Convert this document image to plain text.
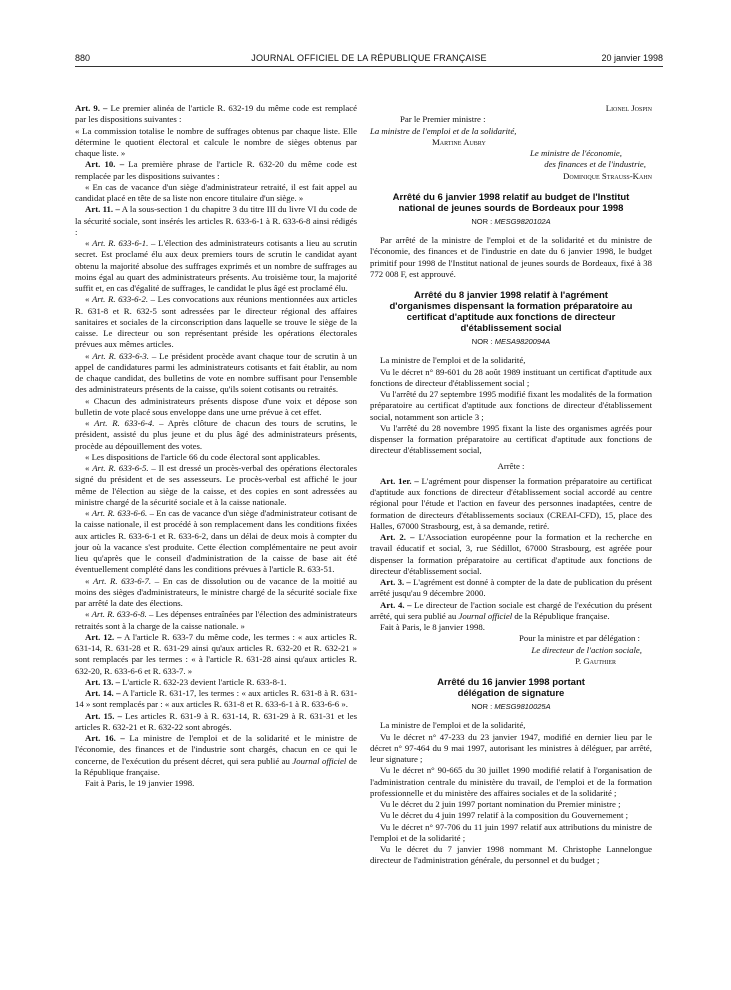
880	JOURNAL OFFICIEL DE LA RÉPUBLIQUE FRANÇAISE	20 janvier 1998

Art. 9. – Le premier alinéa de l'article R. 632-19 du même code est remplacé par les dispositions suivantes :

« La commission totalise le nombre de suffrages obtenus par chaque liste. Elle détermine le quotient électoral et calcule le nombre de sièges obtenus par chaque liste. »

Art. 10. – La première phrase de l'article R. 632-20 du même code est remplacée par les dispositions suivantes :

« En cas de vacance d'un siège d'administrateur retraité, il est fait appel au candidat placé en tête de sa liste non encore titulaire d'un siège. »

Art. 11. – A la sous-section 1 du chapitre 3 du titre III du livre VI du code de la sécurité sociale, sont insérés les articles R. 633-6-1 à R. 633-6-8 ainsi rédigés :

« Art. R. 633-6-1. – L'élection des administrateurs cotisants a lieu au scrutin secret. Est proclamé élu aux deux premiers tours de scrutin le candidat ayant obtenu la majorité absolue des suffrages exprimés et un nombre de suffrages au moins égal au quart des administrateurs présents. Au troisième tour, la majorité suffit et, en cas d'égalité de suffrages, le candidat le plus âgé est proclamé élu.

« Art. R. 633-6-2. – Les convocations aux réunions mentionnées aux articles R. 631-8 et R. 632-5 sont adressées par le directeur régional des affaires sanitaires et sociales de la circonscription dans laquelle se trouve le siège de la caisse. Le directeur ou son représentant préside les opérations électorales prévues aux mêmes articles.

« Art. R. 633-6-3. – Le président procède avant chaque tour de scrutin à un appel de candidatures parmi les administrateurs cotisants et fait établir, au nom de chaque candidat, des bulletins de vote en nombre suffisant pour l'ensemble des administrateurs présents de la caisse, qu'ils soient cotisants ou retraités.

« Chacun des administrateurs présents dispose d'une voix et dépose son bulletin de vote placé sous enveloppe dans une urne prévue à cet effet.

« Art. R. 633-6-4. – Après clôture de chacun des tours de scrutins, le président, assisté du plus jeune et du plus âgé des administrateurs présents, procède au dépouillement des votes.

« Les dispositions de l'article 66 du code électoral sont applicables.

« Art. R. 633-6-5. – Il est dressé un procès-verbal des opérations électorales signé du président et de ses assesseurs. Le procès-verbal est affiché le jour même de l'élection au siège de la caisse, et des copies en sont adressées au ministre chargé de la sécurité sociale et à la caisse nationale.

« Art. R. 633-6-6. – En cas de vacance d'un siège d'administrateur cotisant de la caisse nationale, il est procédé à son remplacement dans les conditions fixées aux articles R. 633-6-1 et R. 633-6-2, dans un délai de deux mois à compter du jour où la vacance s'est produite. Cette élection complémentaire ne peut avoir lieu qu'après que le conseil d'administration de la caisse de base ait été éventuellement complété dans les conditions prévues à l'article R. 633-51.

« Art. R. 633-6-7. – En cas de dissolution ou de vacance de la moitié au moins des sièges d'administrateurs, le ministre chargé de la sécurité sociale fixe par arrêté la date des élections.

« Art. R. 633-6-8. – Les dépenses entraînées par l'élection des administrateurs retraités sont à la charge de la caisse nationale. »

Art. 12. – A l'article R. 633-7 du même code, les termes : « aux articles R. 631-14, R. 631-28 et R. 631-29 ainsi qu'aux articles R. 632-20 et R. 632-21 » sont remplacés par les termes : « à l'article R. 631-28 ainsi qu'aux articles R. 632-20, R. 633-6-6 et R. 633-7. »

Art. 13. – L'article R. 632-23 devient l'article R. 633-8-1.

Art. 14. – A l'article R. 631-17, les termes : « aux articles R. 631-8 à R. 631-14 » sont remplacés par : « aux articles R. 631-8 et R. 633-6-1 à R. 633-6-6 ».

Art. 15. – Les articles R. 631-9 à R. 631-14, R. 631-29 à R. 631-31 et les articles R. 632-21 et R. 632-22 sont abrogés.

Art. 16. – La ministre de l'emploi et de la solidarité et le ministre de l'économie, des finances et de l'industrie sont chargés, chacun en ce qui le concerne, de l'exécution du présent décret, qui sera publié au Journal officiel de la République française.

Fait à Paris, le 19 janvier 1998.

Lionel Jospin

Par le Premier ministre :

La ministre de l'emploi et de la solidarité,

Martine Aubry

Le ministre de l'économie,

des finances et de l'industrie,

Dominique Strauss-Kahn

Arrêté du 6 janvier 1998 relatif au budget de l'Institut national de jeunes sourds de Bordeaux pour 1998

NOR : MESG9820102A

Par arrêté de la ministre de l'emploi et de la solidarité et du ministre de l'économie, des finances et de l'industrie en date du 6 janvier 1998, le budget primitif pour 1998 de l'Institut national de jeunes sourds de Bordeaux, fixé à 38 772 008 F, est approuvé.

Arrêté du 8 janvier 1998 relatif à l'agrément d'organismes dispensant la formation préparatoire au certificat d'aptitude aux fonctions de directeur d'établissement social

NOR : MESA9820094A

La ministre de l'emploi et de la solidarité,

Vu le décret n° 89-601 du 28 août 1989 instituant un certificat d'aptitude aux fonctions de directeur d'établissement social ;

Vu l'arrêté du 27 septembre 1995 modifié fixant les modalités de la formation préparatoire au certificat d'aptitude aux fonctions de directeur d'établissement social, notamment son article 3 ;

Vu l'arrêté du 28 novembre 1995 fixant la liste des organismes agréés pour dispenser la formation préparatoire au certificat d'aptitude aux fonctions de directeur d'établissement social,

Arrête :

Art. 1er. – L'agrément pour dispenser la formation préparatoire au certificat d'aptitude aux fonctions de directeur d'établissement social accordé au centre régional pour l'étude et l'action en faveur des personnes inadaptées, centre de formation de directeurs d'établissements sociaux (CREAI-CFD), 15, place des Halles, 67000 Strasbourg, est, à sa demande, retiré.

Art. 2. – L'Association européenne pour la formation et la recherche en travail éducatif et social, 3, rue Sédillot, 67000 Strasbourg, est agréée pour dispenser la formation préparatoire au certificat d'aptitude aux fonctions de directeur d'établissement social.

Art. 3. – L'agrément est donné à compter de la date de publication du présent arrêté jusqu'au 9 décembre 2000.

Art. 4. – Le directeur de l'action sociale est chargé de l'exécution du présent arrêté, qui sera publié au Journal officiel de la République française.

Fait à Paris, le 8 janvier 1998.

Pour la ministre et par délégation :

Le directeur de l'action sociale,

P. Gauthier

Arrêté du 16 janvier 1998 portant délégation de signature

NOR : MESG9810025A

La ministre de l'emploi et de la solidarité,

Vu le décret n° 47-233 du 23 janvier 1947, modifié en dernier lieu par le décret n° 97-464 du 9 mai 1997, autorisant les ministres à déléguer, par arrêté, leur signature ;

Vu le décret n° 90-665 du 30 juillet 1990 modifié relatif à l'organisation de l'administration centrale du ministère du travail, de l'emploi et de la formation professionnelle et du ministère des affaires sociales et de la solidarité ;

Vu le décret du 2 juin 1997 portant nomination du Premier ministre ;

Vu le décret du 4 juin 1997 relatif à la composition du Gouvernement ;

Vu le décret n° 97-706 du 11 juin 1997 relatif aux attributions du ministre de l'emploi et de la solidarité ;

Vu le décret du 7 janvier 1998 nommant M. Christophe Lannelongue directeur de l'administration générale, du personnel et du budget ;
